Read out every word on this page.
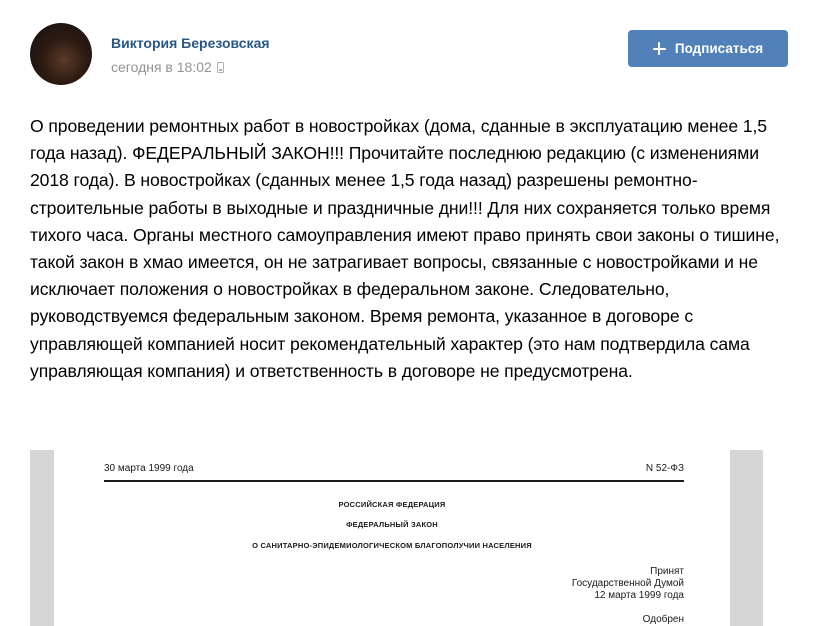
Виктория Березовская
сегодня в 18:02
Подписаться
О проведении ремонтных работ в новостройках (дома, сданные в эксплуатацию менее 1,5 года назад). ФЕДЕРАЛЬНЫЙ ЗАКОН!!! Прочитайте последнюю редакцию (с изменениями 2018 года). В новостройках (сданных менее 1,5 года назад) разрешены ремонтно-строительные работы в выходные и праздничные дни!!! Для них сохраняется только время тихого часа. Органы местного самоуправления имеют право принять свои законы о тишине, такой закон в хмао имеется, он не затрагивает вопросы, связанные с новостройками и не исключает положения о новостройках в федеральном законе. Следовательно, руководствуемся федеральным законом. Время ремонта, указанное в договоре с управляющей компанией носит рекомендательный характер (это нам подтвердила сама управляющая компания) и ответственность в договоре не предусмотрена.
30 марта 1999 года	N 52-ФЗ
РОССИЙСКАЯ ФЕДЕРАЦИЯ
ФЕДЕРАЛЬНЫЙ ЗАКОН
О САНИТАРНО-ЭПИДЕМИОЛОГИЧЕСКОМ БЛАГОПОЛУЧИИ НАСЕЛЕНИЯ
Принят
Государственной Думой
12 марта 1999 года
Одобрен
